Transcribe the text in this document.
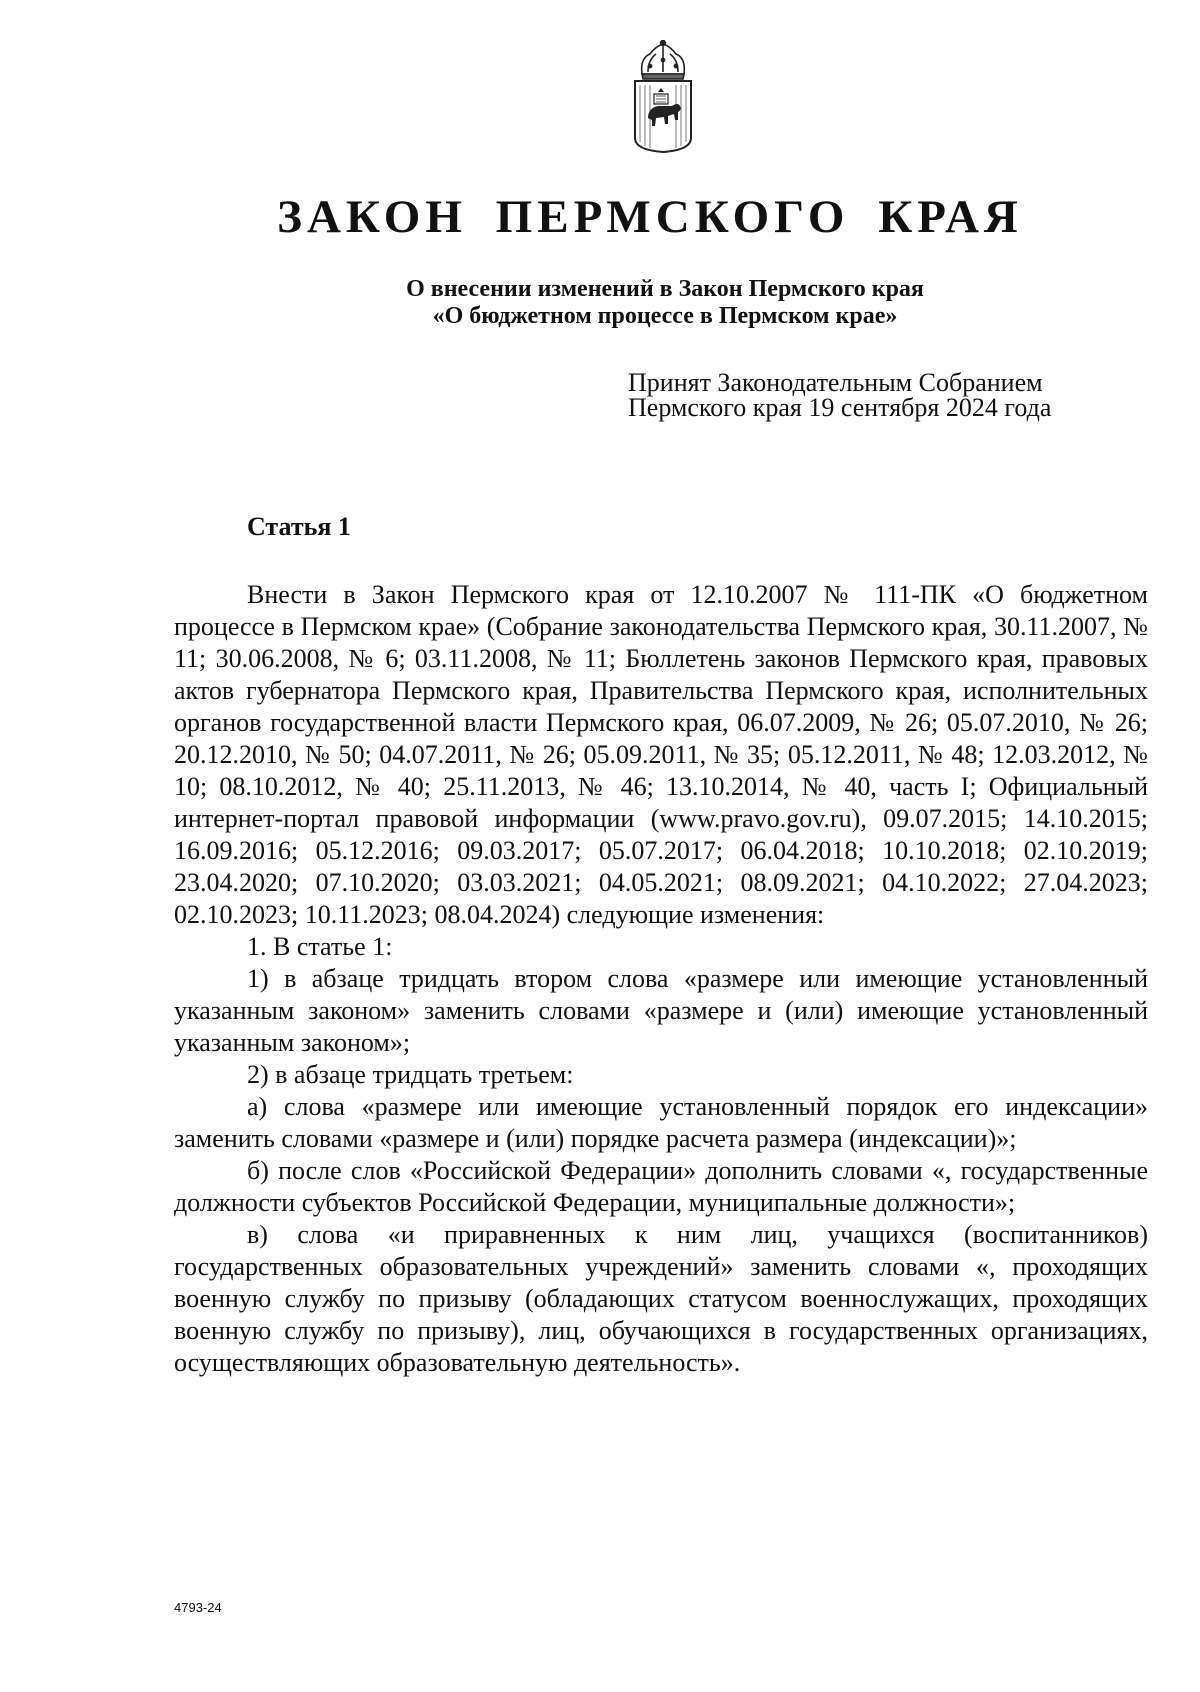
ЗАКОН ПЕРМСКОГО КРАЯ
О внесении изменений в Закон Пермского края
«О бюджетном процессе в Пермском крае»
Принят Законодательным Собранием
Пермского края 19 сентября 2024 года
Статья 1

Внести в Закон Пермского края от 12.10.2007 № 111-ПК «О бюджетном процессе в Пермском крае» (Собрание законодательства Пермского края, 30.11.2007, № 11; 30.06.2008, № 6; 03.11.2008, № 11; Бюллетень законов Пермского края, правовых актов губернатора Пермского края, Правительства Пермского края, исполнительных органов государственной власти Пермского края, 06.07.2009, № 26; 05.07.2010, № 26; 20.12.2010, № 50; 04.07.2011, № 26; 05.09.2011, № 35; 05.12.2011, № 48; 12.03.2012, № 10; 08.10.2012, № 40; 25.11.2013, № 46; 13.10.2014, № 40, часть I; Официальный интернет-портал правовой информации (www.pravo.gov.ru), 09.07.2015; 14.10.2015; 16.09.2016; 05.12.2016; 09.03.2017; 05.07.2017; 06.04.2018; 10.10.2018; 02.10.2019; 23.04.2020; 07.10.2020; 03.03.2021; 04.05.2021; 08.09.2021; 04.10.2022; 27.04.2023; 02.10.2023; 10.11.2023; 08.04.2024) следующие изменения:

1. В статье 1:

1) в абзаце тридцать втором слова «размере или имеющие установленный указанным законом» заменить словами «размере и (или) имеющие установленный указанным законом»;

2) в абзаце тридцать третьем:

а) слова «размере или имеющие установленный порядок его индексации» заменить словами «размере и (или) порядке расчета размера (индексации)»;

б) после слов «Российской Федерации» дополнить словами «, государственные должности субъектов Российской Федерации, муниципальные должности»;

в) слова «и приравненных к ним лиц, учащихся (воспитанников) государственных образовательных учреждений» заменить словами «, проходящих военную службу по призыву (обладающих статусом военнослужащих, проходящих военную службу по призыву), лиц, обучающихся в государственных организациях, осуществляющих образовательную деятельность».

4793-24
